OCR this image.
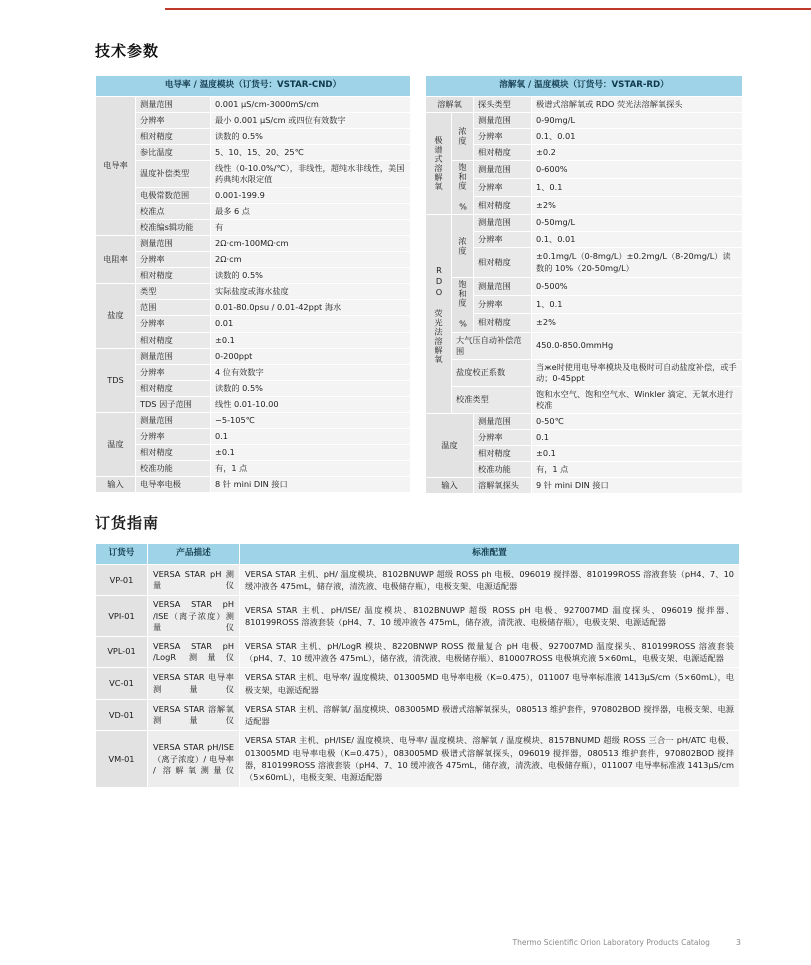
技术参数
电导率 / 温度模块（订货号：VSTAR-CND）		
电导率	测量范围	0.001 μS/cm-3000mS/cm
	分辨率	最小 0.001 μS/cm 或四位有效数字
	相对精度	读数的 0.5%
	参比温度	5、10、15、20、25℃
	温度补偿类型	线性（0-10.0%/℃），非线性，超纯水非线性，美国药典纯水限定值
	电极常数范围	0.001-199.9
	校准点	最多 6 点
	校准编ѕ辑功能	有
电阻率	测量范围	2Ω·cm-100MΩ·cm
	分辨率	2Ω·cm
	相对精度	读数的 0.5%
盐度	类型	实际盐度或海水盐度
	范围	0.01-80.0psu / 0.01-42ppt 海水
	分辨率	0.01
	相对精度	±0.1
TDS	测量范围	0-200ppt
	分辨率	4 位有效数字
	相对精度	读数的 0.5%
	TDS 因子范围	线性 0.01-10.00
温度	测量范围	−5-105℃
	分辨率	0.1
	相对精度	±0.1
	校准功能	有，1 点
输入	电导率电极	8 针 mini DIN 接口
溶解氧 / 温度模块（订货号：VSTAR-RD）			
溶解氧		探头类型	极谱式溶解氧或 RDO 荧光法溶解氧探头
极谱式溶解氧	浓度	测量范围	0-90mg/L
		分辨率	0.1、0.01
		相对精度	±0.2
	饱和度 %	测量范围	0-600%
		分辨率	1、0.1
		相对精度	±2%
RDO 荧光法溶解氧	浓度	测量范围	0-50mg/L
		分辨率	0.1、0.01
		相对精度	±0.1mg/L（0-8mg/L）±0.2mg/L（8-20mg/L）读数的 10%（20-50mg/L）
	饱和度 %	测量范围	0-500%
		分辨率	1、0.1
		相对精度	±2%
	大气压自动补偿范围		450.0-850.0mmHg
	盐度校正系数		当же时使用电导率模块及电极时可自动盐度补偿，或手动；0-45ppt
	校准类型		饱和水空气、饱和空气水、Winkler 滴定、无氧水进行校准
温度		测量范围	0-50℃
		分辨率	0.1
		相对精度	±0.1
		校准功能	有，1 点
输入		溶解氧探头	9 针 mini DIN 接口
订货指南
订货号	产品描述	标准配置
VP-01	VERSA STAR pH 测量仪	VERSA STAR 主机、pH/ 温度模块、8102BNUWP 超级 ROSS ph 电极、096019 搅拌器、810199ROSS 溶液套装（pH4、7、10 缓冲液各 475mL，储存液，清洗液、电极储存瓶），电极支架、电源适配器
VPI-01	VERSA STAR pH /ISE（离子浓度）测量仪	VERSA STAR 主机、pH/ISE/ 温度模块、8102BNUWP 超级 ROSS pH 电极、927007MD 温度探头、096019 搅拌器、810199ROSS 溶液套装（pH4、7、10 缓冲液各 475mL，储存液，清洗液、电极储存瓶），电极支架、电源适配器
VPL-01	VERSA STAR pH /LogR 测量仪	VERSA STAR 主机、pH/LogR 模块、8220BNWP ROSS 微量复合 pH 电极、927007MD 温度探头、810199ROSS 溶液套装（pH4、7、10 缓冲液各 475mL），储存液，清洗液、电极储存瓶）、810007ROSS 电极填充液 5×60mL，电极支架、电源适配器
VC-01	VERSA STAR 电导率测量仪	VERSA STAR 主机、电导率/ 温度模块、013005MD 电导率电极（K=0.475），011007 电导率标准液 1413μS/cm（5×60mL），电极支架，电源适配器
VD-01	VERSA STAR 溶解氧测量仪	VERSA STAR 主机、溶解氧/ 温度模块、083005MD 极谱式溶解氧探头，080513 维护套件，970802BOD 搅拌器，电极支架、电源适配器
VM-01	VERSA STAR pH/ISE（离子浓度）/ 电导率 / 溶解氧测量仪	VERSA STAR 主机、pH/ISE/ 温度模块、电导率/ 温度模块、溶解氧 / 温度模块、8157BNUMD 超级 ROSS 三合一 pH/ATC 电极、013005MD 电导率电极（K=0.475），083005MD 极谱式溶解氧探头，096019 搅拌器，080513 维护套件，970802BOD 搅拌器，810199ROSS 溶液套装（pH4、7、10 缓冲液各 475mL，储存液，清洗液、电极储存瓶），011007 电导率标准液 1413μS/cm（5×60mL），电极支架、电源适配器
Thermo Scientific Orion Laboratory Products Catalog	3
